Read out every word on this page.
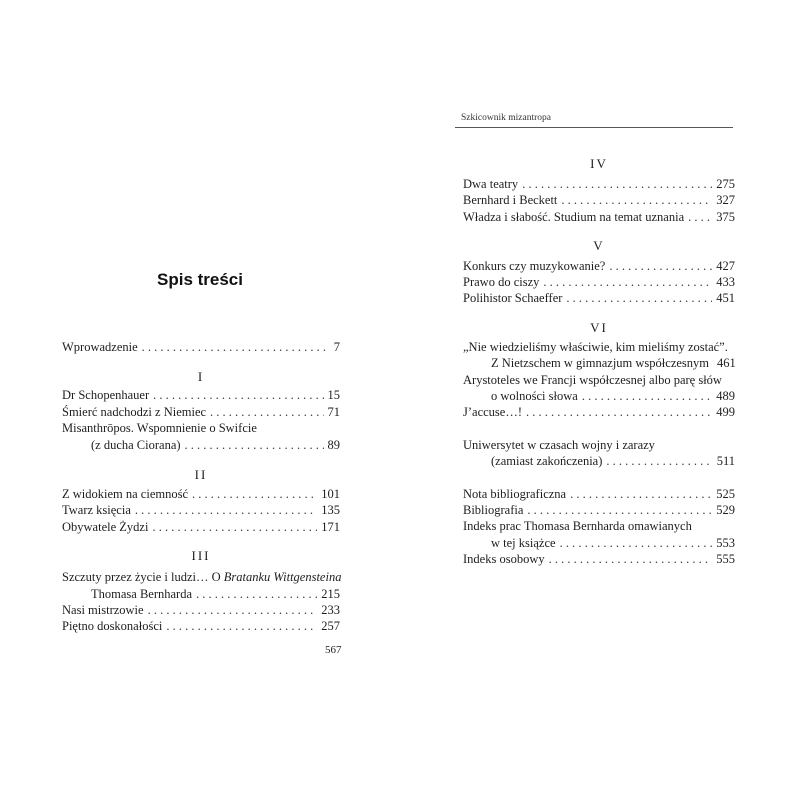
Spis treści
Wprowadzenie . . .	7
I
Dr Schopenhauer . . .	15
Śmierć nadchodzi z Niemiec . . .	71
Misanthrōpos. Wspomnienie o Swifcie
(z ducha Ciorana) . . .	89
II
Z widokiem na ciemność . . .	101
Twarz księcia . . .	135
Obywatele Żydzi . . .	171
III
Szczuty przez życie i ludzi… O Bratanku Wittgensteina
Thomasa Bernharda . . .	215
Nasi mistrzowie . . .	233
Piętno doskonałości . . .	257
567
Szkicownik mizantropa
IV
Dwa teatry . . .	275
Bernhard i Beckett . . .	327
Władza i słabość. Studium na temat uznania . . .	375
V
Konkurs czy muzykowanie? . . .	427
Prawo do ciszy . . .	433
Polihistor Schaeffer . . .	451
VI
„Nie wiedzieliśmy właściwie, kim mieliśmy zostać”.
Z Nietzschem w gimnazjum współczesnym 461
Arystoteles we Francji współczesnej albo parę słów
o wolności słowa . . .	489
J’accuse…! . . .	499
Uniwersytet w czasach wojny i zarazy
(zamiast zakończenia) . . .	511
Nota bibliograficzna . . .	525
Bibliografia . . .	529
Indeks prac Thomasa Bernharda omawianych
w tej książce . . .	553
Indeks osobowy . . .	555
